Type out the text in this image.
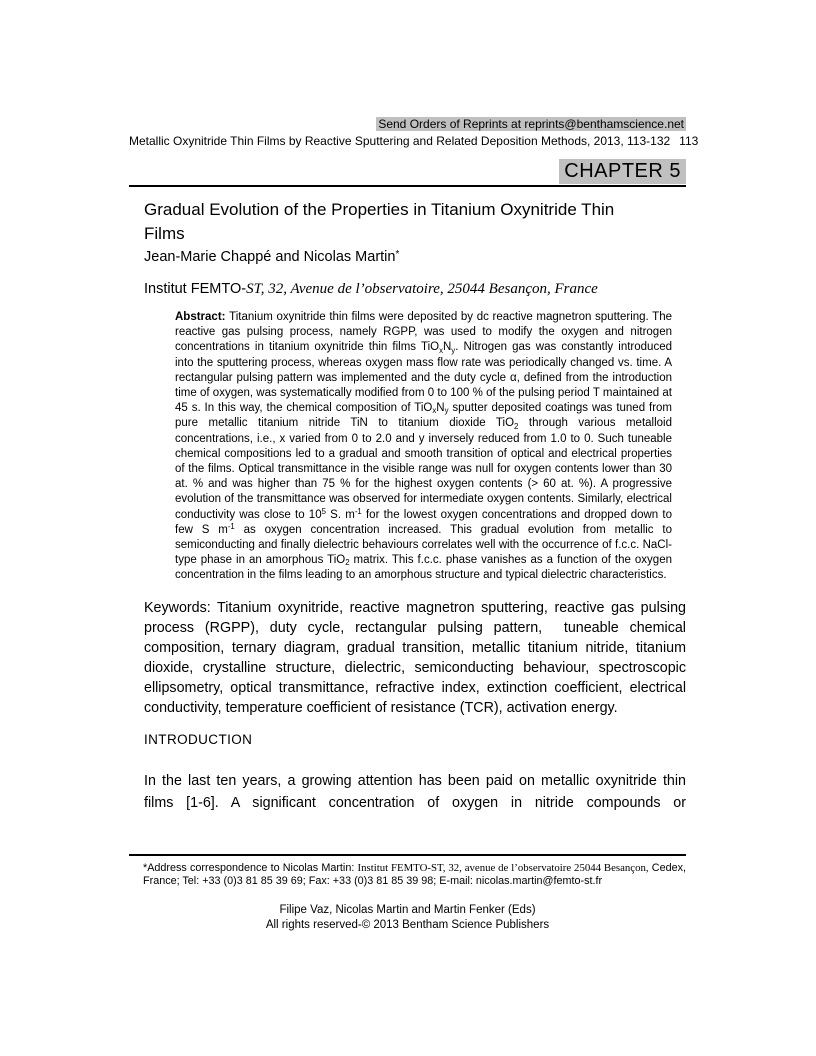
Send Orders of Reprints at reprints@benthamscience.net
Metallic Oxynitride Thin Films by Reactive Sputtering and Related Deposition Methods, 2013, 113-132 113
CHAPTER 5
Gradual Evolution of the Properties in Titanium Oxynitride Thin
Films
Jean-Marie Chappé and Nicolas Martin*
Institut FEMTO-ST, 32, Avenue de l’observatoire, 25044 Besançon, France
Abstract: Titanium oxynitride thin films were deposited by dc reactive magnetron sputtering. The reactive gas pulsing process, namely RGPP, was used to modify the oxygen and nitrogen concentrations in titanium oxynitride thin films $TiO_xN_y$. Nitrogen gas was constantly introduced into the sputtering process, whereas oxygen mass flow rate was periodically changed vs. time. A rectangular pulsing pattern was implemented and the duty cycle α, defined from the introduction time of oxygen, was systematically modified from 0 to 100 % of the pulsing period T maintained at 45 s. In this way, the chemical composition of $TiO_xN_y$ sputter deposited coatings was tuned from pure metallic titanium nitride TiN to titanium dioxide TiO$_2$ through various metalloid concentrations, i.e., x varied from 0 to 2.0 and y inversely reduced from 1.0 to 0. Such tuneable chemical compositions led to a gradual and smooth transition of optical and electrical properties of the films. Optical transmittance in the visible range was null for oxygen contents lower than 30 at. % and was higher than 75 % for the highest oxygen contents (> 60 at. %). A progressive evolution of the transmittance was observed for intermediate oxygen contents. Similarly, electrical conductivity was close to $10^5$ S. $m^{-1}$ for the lowest oxygen concentrations and dropped down to few S $m^{-1}$ as oxygen concentration increased. This gradual evolution from metallic to semiconducting and finally dielectric behaviours correlates well with the occurrence of f.c.c. NaCl-type phase in an amorphous TiO$_2$ matrix. This f.c.c. phase vanishes as a function of the oxygen concentration in the films leading to an amorphous structure and typical dielectric characteristics.
Keywords: Titanium oxynitride, reactive magnetron sputtering, reactive gas pulsing process (RGPP), duty cycle, rectangular pulsing pattern,  tuneable chemical composition, ternary diagram, gradual transition, metallic titanium nitride, titanium dioxide, crystalline structure, dielectric, semiconducting behaviour, spectroscopic ellipsometry, optical transmittance, refractive index, extinction coefficient, electrical conductivity, temperature coefficient of resistance (TCR), activation energy.
INTRODUCTION
In the last ten years, a growing attention has been paid on metallic oxynitride thin films [1-6]. A significant concentration of oxygen in nitride compounds or
*Address correspondence to Nicolas Martin: Institut FEMTO-ST, 32, avenue de l’observatoire 25044 Besançon, Cedex, France; Tel: +33 (0)3 81 85 39 69; Fax: +33 (0)3 81 85 39 98; E-mail: nicolas.martin@femto-st.fr
Filipe Vaz, Nicolas Martin and Martin Fenker (Eds)
All rights reserved-© 2013 Bentham Science Publishers
